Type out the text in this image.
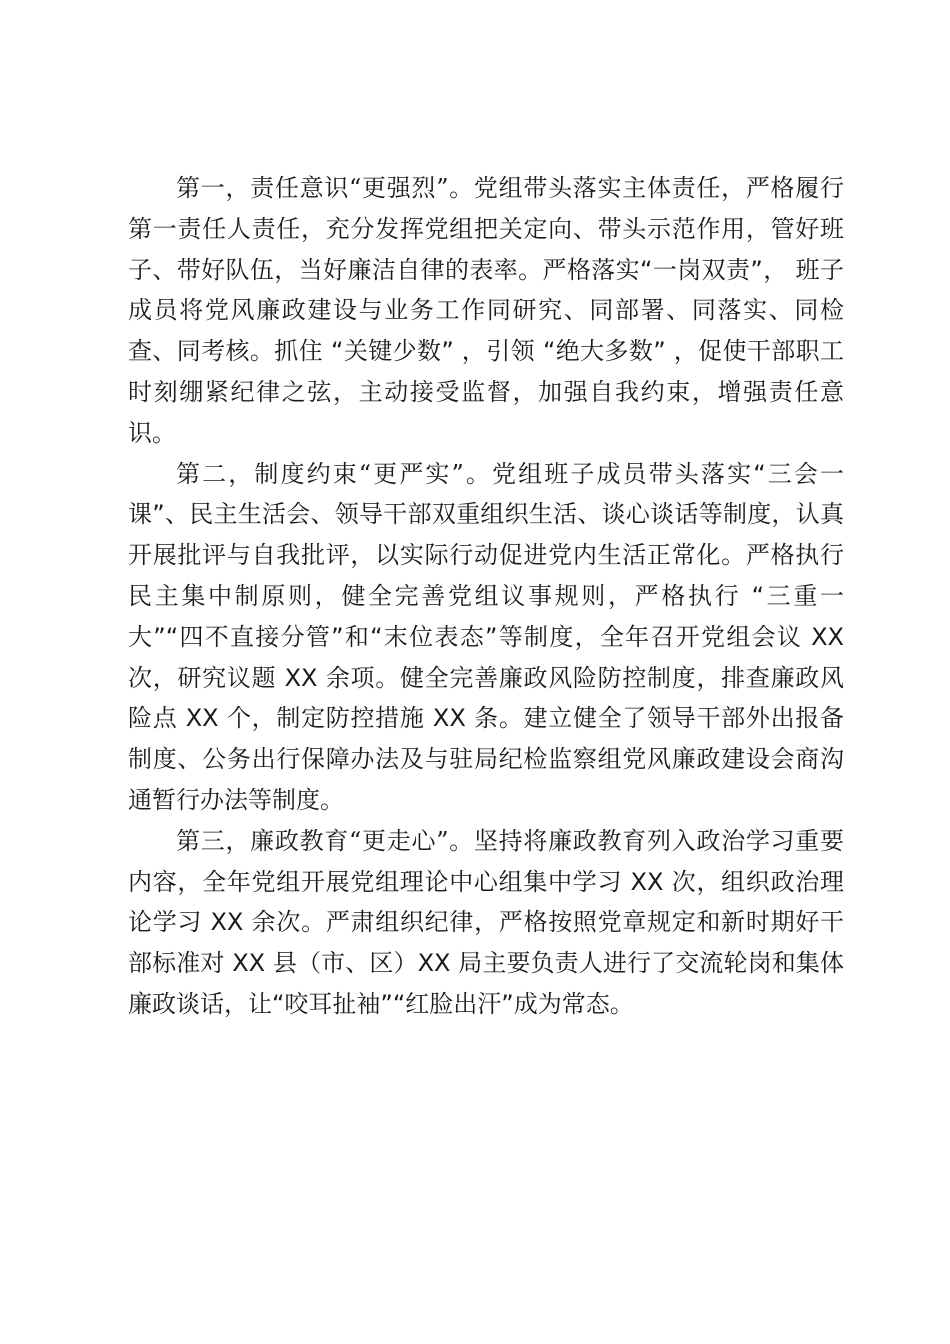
第一，责任意识“更强烈”。党组带头落实主体责任，严格履行第一责任人责任，充分发挥党组把关定向、带头示范作用，管好班子、带好队伍，当好廉洁自律的表率。严格落实“一岗双责”， 班子成员将党风廉政建设与业务工作同研究、同部署、同落实、同检查、同考核。抓住 “关键少数” ，引领 “绝大多数” ，促使干部职工时刻绷紧纪律之弦，主动接受监督，加强自我约束，增强责任意识。

第二，制度约束“更严实”。党组班子成员带头落实“三会一课”、民主生活会、领导干部双重组织生活、谈心谈话等制度，认真开展批评与自我批评，以实际行动促进党内生活正常化。严格执行民主集中制原则，健全完善党组议事规则，严格执行 “三重一大”“四不直接分管”和“末位表态”等制度，全年召开党组会议 XX 次，研究议题 XX 余项。健全完善廉政风险防控制度，排查廉政风险点 XX 个，制定防控措施 XX 条。建立健全了领导干部外出报备制度、公务出行保障办法及与驻局纪检监察组党风廉政建设会商沟通暂行办法等制度。

第三，廉政教育“更走心”。坚持将廉政教育列入政治学习重要内容，全年党组开展党组理论中心组集中学习 XX 次，组织政治理论学习 XX 余次。严肃组织纪律，严格按照党章规定和新时期好干部标准对 XX 县（市、区）XX 局主要负责人进行了交流轮岗和集体廉政谈话，让“咬耳扯袖”“红脸出汗”成为常态。
